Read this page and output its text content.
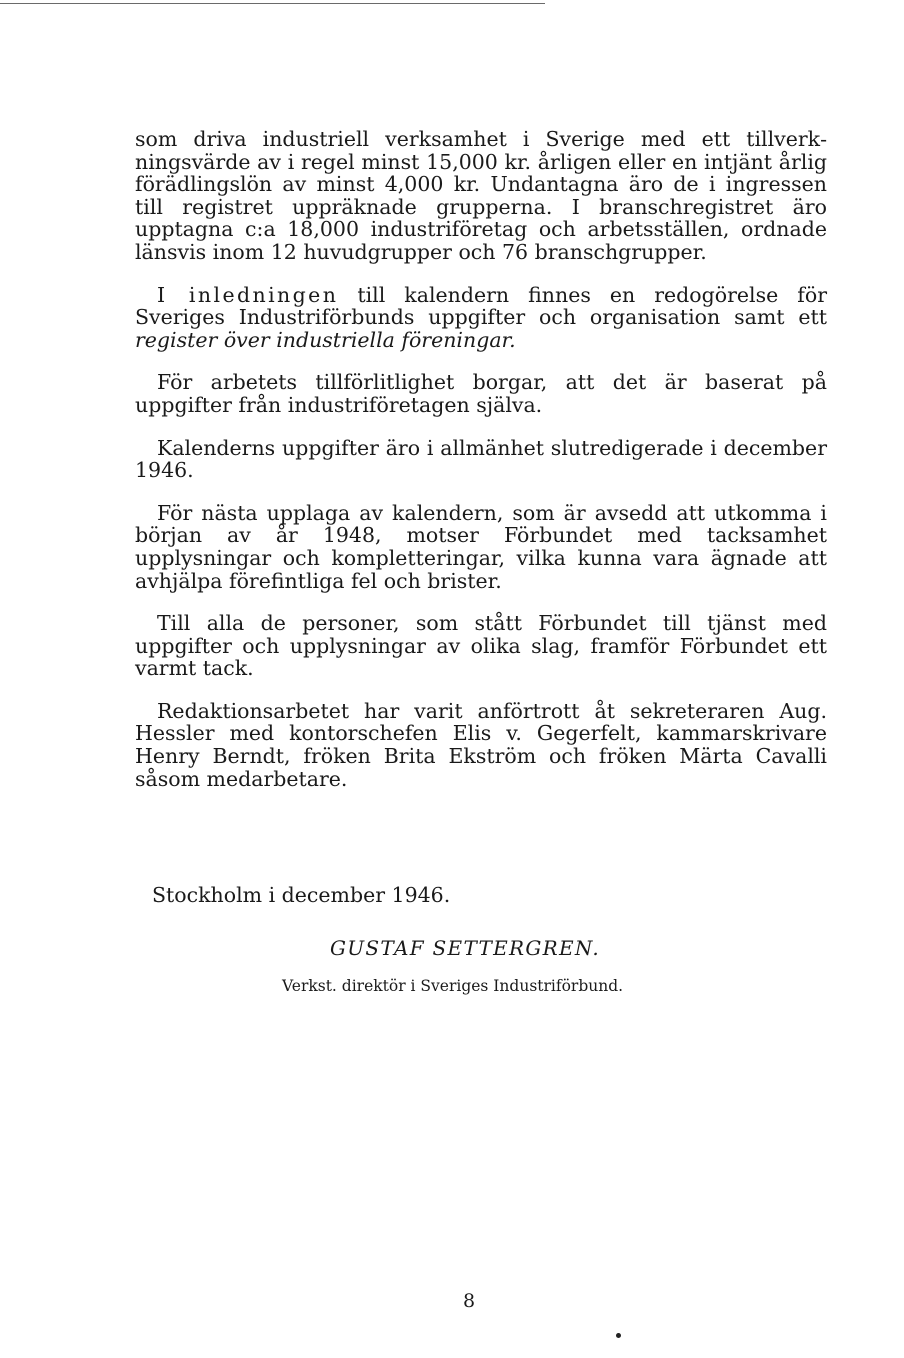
som driva industriell verksamhet i Sverige med ett tillverkningsvärde av i regel minst 15,000 kr. årligen eller en intjänt årlig förädlingslön av minst 4,000 kr. Undantagna äro de i ingressen till registret uppräknade grupperna. I branschregistret äro upptagna c:a 18,000 industriföretag och arbetsställen, ordnade länsvis inom 12 huvudgrupper och 76 branschgrupper.

I inledningen till kalendern finnes en redogörelse för Sveriges Industriförbunds uppgifter och organisation samt ett register över industriella föreningar.

För arbetets tillförlitlighet borgar, att det är baserat på uppgifter från industriföretagen själva.

Kalenderns uppgifter äro i allmänhet slutredigerade i december 1946.

För nästa upplaga av kalendern, som är avsedd att utkomma i början av år 1948, motser Förbundet med tacksamhet upplysningar och kompletteringar, vilka kunna vara ägnade att avhjälpa förefintliga fel och brister.

Till alla de personer, som stått Förbundet till tjänst med uppgifter och upplysningar av olika slag, framför Förbundet ett varmt tack.

Redaktionsarbetet har varit anförtrott åt sekreteraren Aug. Hessler med kontorschefen Elis v. Gegerfelt, kammarskrivare Henry Berndt, fröken Brita Ekström och fröken Märta Cavalli såsom medarbetare.

Stockholm i december 1946.
GUSTAF SETTERGREN.
Verkst. direktör i Sveriges Industriförbund.
8
